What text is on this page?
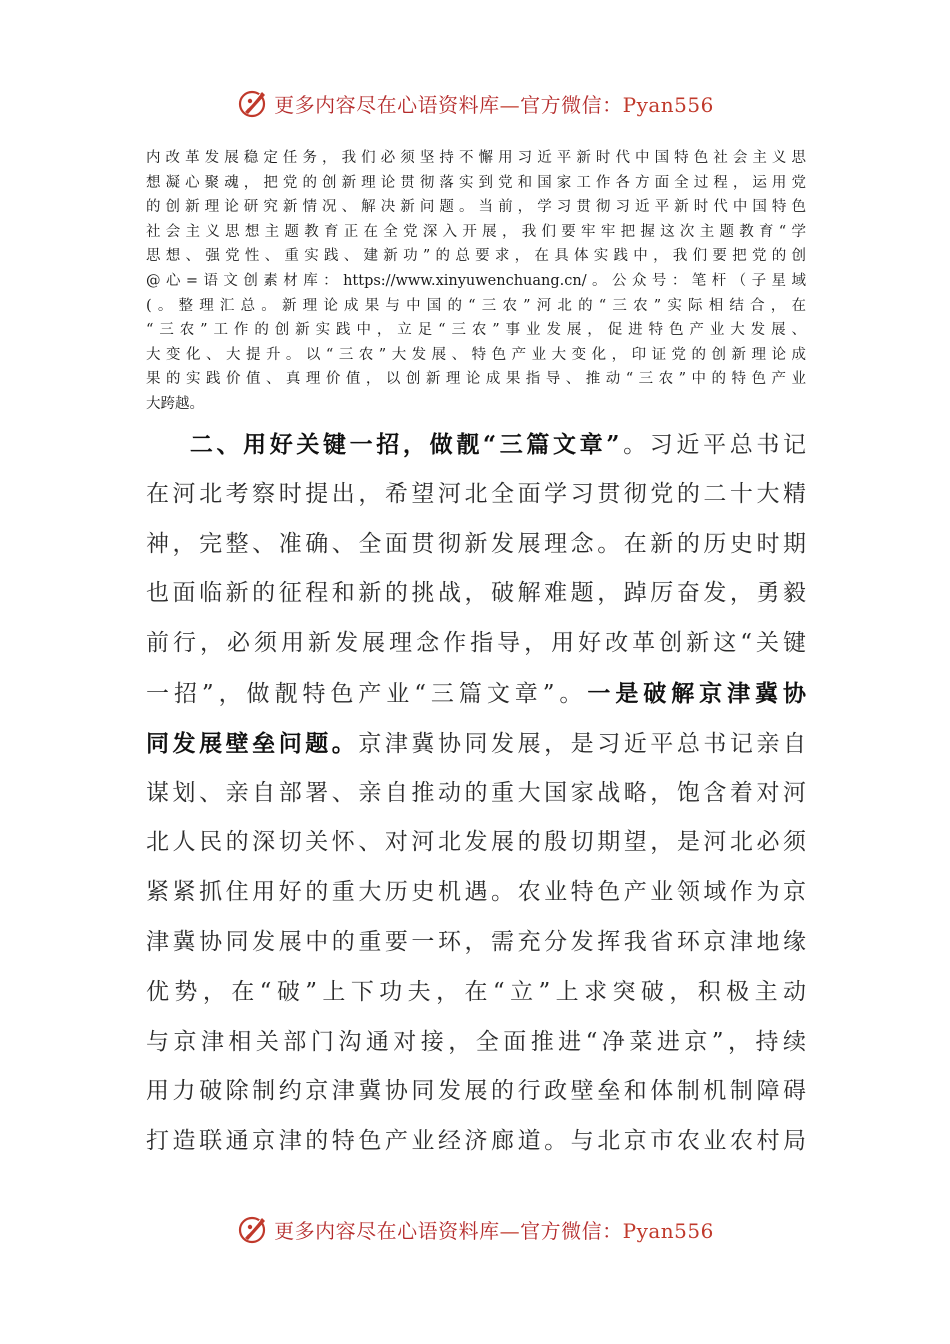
更多内容尽在心语资料库—官方微信：Pyan556
内改革发展稳定任务，我们必须坚持不懈用习近平新时代中国特色社会主义思
想凝心聚魂，把党的创新理论贯彻落实到党和国家工作各方面全过程，运用党
的创新理论研究新情况、解决新问题。当前，学习贯彻习近平新时代中国特色
社会主义思想主题教育正在全党深入开展，我们要牢牢把握这次主题教育“学
思想、强党性、重实践、建新功”的总要求，在具体实践中，我们要把党的创
@心=语文创素材库：https://www.xinyuwenchuang.cn/。公众号：笔杆（子星域
(。整理汇总。新理论成果与中国的“三农”河北的“三农”实际相结合，在
“三农”工作的创新实践中，立足“三农”事业发展，促进特色产业大发展、
大变化、大提升。以“三农”大发展、特色产业大变化，印证党的创新理论成
果的实践价值、真理价值，以创新理论成果指导、推动“三农”中的特色产业
大跨越。
二、用好关键一招，做靓“三篇文章”。习近平总书记
在河北考察时提出，希望河北全面学习贯彻党的二十大精
神，完整、准确、全面贯彻新发展理念。在新的历史时期
也面临新的征程和新的挑战，破解难题，踔厉奋发，勇毅
前行，必须用新发展理念作指导，用好改革创新这“关键
一招”，做靓特色产业“三篇文章”。一是破解京津冀协
同发展壁垒问题。京津冀协同发展，是习近平总书记亲自
谋划、亲自部署、亲自推动的重大国家战略，饱含着对河
北人民的深切关怀、对河北发展的殷切期望，是河北必须
紧紧抓住用好的重大历史机遇。农业特色产业领域作为京
津冀协同发展中的重要一环，需充分发挥我省环京津地缘
优势，在“破”上下功夫，在“立”上求突破，积极主动
与京津相关部门沟通对接，全面推进“净菜进京”，持续
用力破除制约京津冀协同发展的行政壁垒和体制机制障碍
打造联通京津的特色产业经济廊道。与北京市农业农村局
更多内容尽在心语资料库—官方微信：Pyan556
